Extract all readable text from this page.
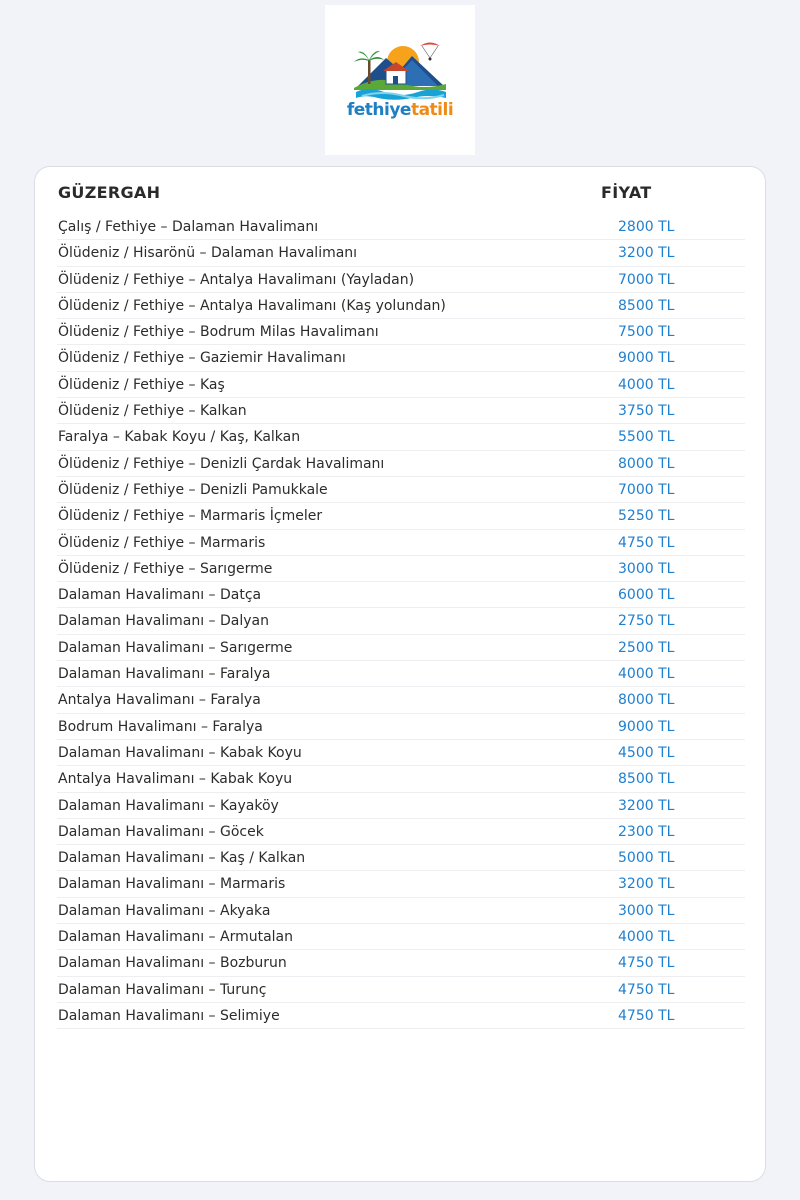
fethiyetatili
GÜZERGAH	FİYAT
Çalış / Fethiye – Dalaman Havalimanı	2800 TL
Ölüdeniz / Hisarönü – Dalaman Havalimanı	3200 TL
Ölüdeniz / Fethiye – Antalya Havalimanı (Yayladan)	7000 TL
Ölüdeniz / Fethiye – Antalya Havalimanı (Kaş yolundan)	8500 TL
Ölüdeniz / Fethiye – Bodrum Milas Havalimanı	7500 TL
Ölüdeniz / Fethiye – Gaziemir Havalimanı	9000 TL
Ölüdeniz / Fethiye – Kaş	4000 TL
Ölüdeniz / Fethiye – Kalkan	3750 TL
Faralya – Kabak Koyu / Kaş, Kalkan	5500 TL
Ölüdeniz / Fethiye – Denizli Çardak Havalimanı	8000 TL
Ölüdeniz / Fethiye – Denizli Pamukkale	7000 TL
Ölüdeniz / Fethiye – Marmaris İçmeler	5250 TL
Ölüdeniz / Fethiye – Marmaris	4750 TL
Ölüdeniz / Fethiye – Sarıgerme	3000 TL
Dalaman Havalimanı – Datça	6000 TL
Dalaman Havalimanı – Dalyan	2750 TL
Dalaman Havalimanı – Sarıgerme	2500 TL
Dalaman Havalimanı – Faralya	4000 TL
Antalya Havalimanı – Faralya	8000 TL
Bodrum Havalimanı – Faralya	9000 TL
Dalaman Havalimanı – Kabak Koyu	4500 TL
Antalya Havalimanı – Kabak Koyu	8500 TL
Dalaman Havalimanı – Kayaköy	3200 TL
Dalaman Havalimanı – Göcek	2300 TL
Dalaman Havalimanı – Kaş / Kalkan	5000 TL
Dalaman Havalimanı – Marmaris	3200 TL
Dalaman Havalimanı – Akyaka	3000 TL
Dalaman Havalimanı – Armutalan	4000 TL
Dalaman Havalimanı – Bozburun	4750 TL
Dalaman Havalimanı – Turunç	4750 TL
Dalaman Havalimanı – Selimiye	4750 TL
